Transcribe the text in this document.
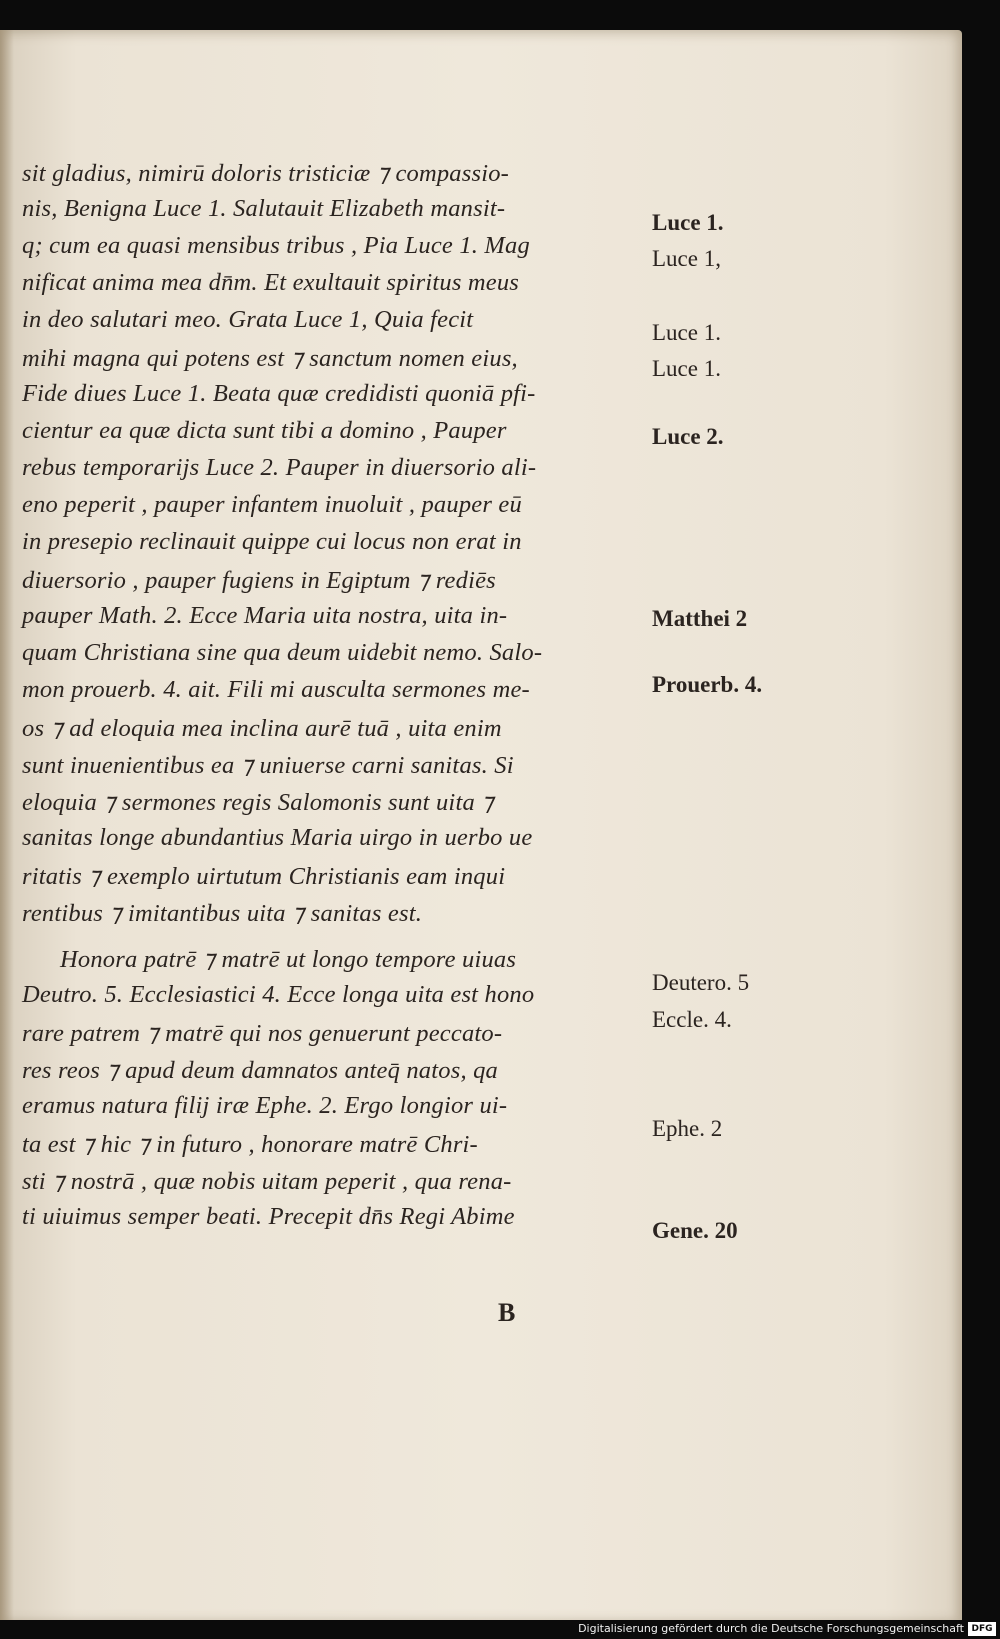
sit gladius, nimirū doloris tristiciæ ⁊ compassio-
nis, Benigna Luce 1. Salutauit Elizabeth mansit-
q; cum ea quasi mensibus tribus , Pia Luce 1. Mag
nificat anima mea dn̄m. Et exultauit spiritus meus
in deo salutari meo. Grata Luce 1, Quia fecit
mihi magna qui potens est ⁊ sanctum nomen eius,
Fide diues Luce 1. Beata quæ credidisti quoniā pfi-
cientur ea quæ dicta sunt tibi a domino , Pauper
rebus temporarijs Luce 2. Pauper in diuersorio ali-
eno peperit , pauper infantem inuoluit , pauper eū
in presepio reclinauit quippe cui locus non erat in
diuersorio , pauper fugiens in Egiptum ⁊ rediēs
pauper Math. 2. Ecce Maria uita nostra, uita in-
quam Christiana sine qua deum uidebit nemo. Salo-
mon prouerb. 4. ait. Fili mi ausculta sermones me-
os ⁊ ad eloquia mea inclina aurē tuā , uita enim
sunt inuenientibus ea ⁊ uniuerse carni sanitas. Si
eloquia ⁊ sermones regis Salomonis sunt uita ⁊
sanitas longe abundantius Maria uirgo in uerbo ue
ritatis ⁊ exemplo uirtutum Christianis eam inqui
rentibus ⁊ imitantibus uita ⁊ sanitas est.
Honora patrē ⁊ matrē ut longo tempore uiuas
Deutro. 5. Ecclesiastici 4. Ecce longa uita est hono
rare patrem ⁊ matrē qui nos genuerunt peccato-
res reos ⁊ apud deum damnatos anteq̄ natos, qa
eramus natura filij iræ Ephe. 2. Ergo longior ui-
ta est ⁊ hic ⁊ in futuro , honorare matrē Chri-
sti ⁊ nostrā , quæ nobis uitam peperit , qua rena-
ti uiuimus semper beati. Precepit dn̄s Regi Abime
B
Luce 1.
Luce 1,
Luce 1.
Luce 1.
Luce 2.
Matthei 2
Prouerb. 4.
Deutero. 5
Eccle. 4.
Ephe. 2
Gene. 20
Digitalisierung gefördert durch die Deutsche Forschungsgemeinschaft DFG
